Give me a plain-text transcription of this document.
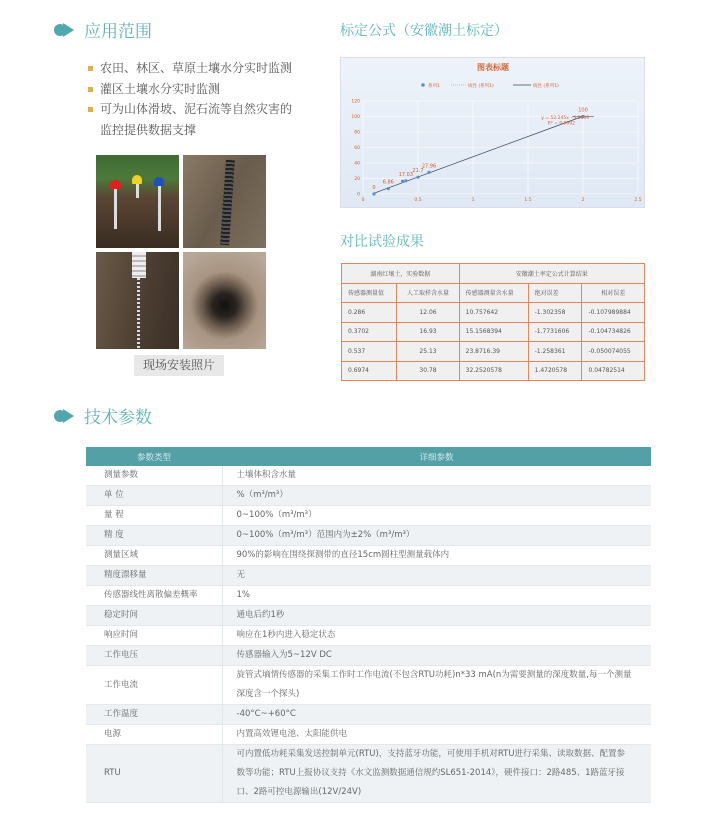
应用范围
农田、林区、草原土壤水分实时监测
灌区土壤水分实时监测
可为山体滑坡、泥石流等自然灾害的监控提供数据支撑
现场安装照片
标定公式（安徽潮土标定）
图表标题
系列1	线性 (系列1)	线性 (系列1)
0	0.5	1	1.5	2	2.5
0
20
40
60
80
100
120
0
6.86
17.03
21.7
27.96
100
y = 52.245x - 4.1839
R² = 0.9992
对比试验成果
湖南红壤土，实验数据		安徽潮土率定公式计算结果		
传感器测量值	人工取样含水量	传感器测量含水量	绝对误差	相对误差
0.286	12.06	10.757642	-1.302358	-0.107989884
0.3702	16.93	15.1568394	-1.7731606	-0.104734826
0.537	25.13	23.8716.39	-1.258361	-0.050074055
0.6974	30.78	32.2520578	1.4720578	0.04782514
技术参数
参数类型	详细参数
测量参数	土壤体积含水量
单 位	%（m³/m³）
量 程	0~100%（m³/m³）
精 度	0~100%（m³/m³）范围内为±2%（m³/m³）
测量区域	90%的影响在围绕探测带的直径15cm圆柱型测量载体内
精度漂移量	无
传感器线性离散偏差概率	1%
稳定时间	通电后约1秒
响应时间	响应在1秒内进入稳定状态
工作电压	传感器输入为5~12V DC
工作电流	旋管式墒情传感器的采集工作时工作电流(不包含RTU功耗)n*33 mA(n为需要测量的深度数量,每一个测量深度含一个探头)
工作温度	-40°C~+60°C
电源	内置高效锂电池、太阳能供电
RTU	可内置低功耗采集发送控制单元(RTU)，支持蓝牙功能，可使用手机对RTU进行采集、读取数据、配置参数等功能；RTU上报协议支持《水文监测数据通信规约SL651-2014》，硬件接口：2路485、1路蓝牙接口、2路可控电源输出(12V/24V)
